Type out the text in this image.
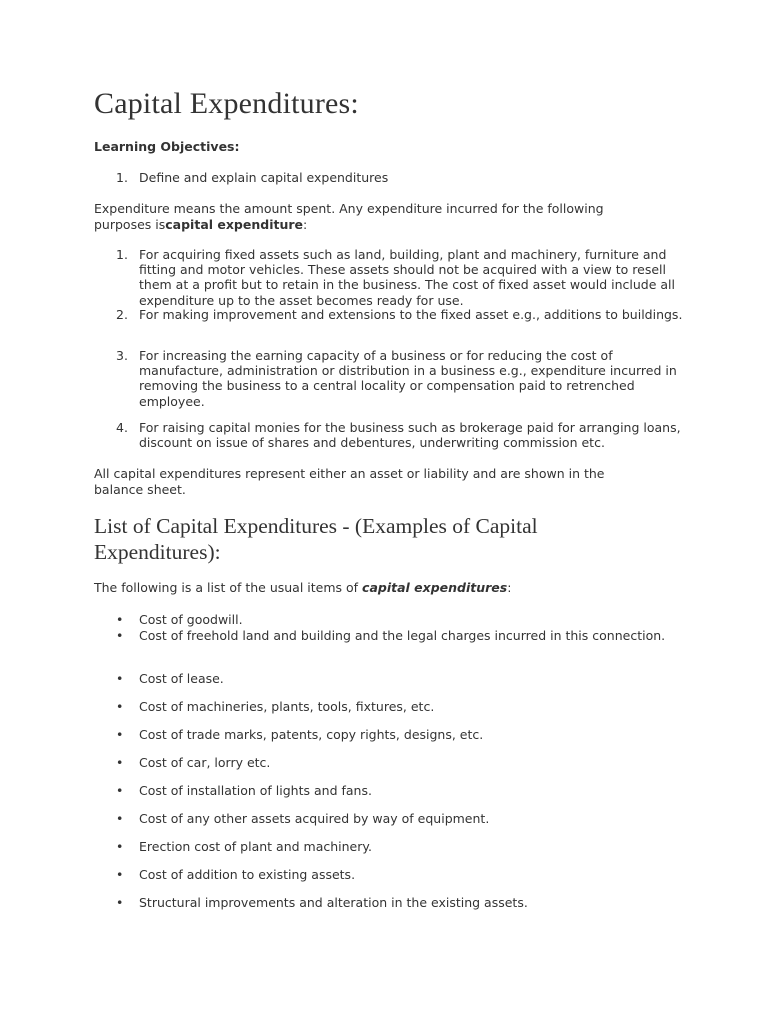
Capital Expenditures:
Learning Objectives:
1. Define and explain capital expenditures

Expenditure means the amount spent. Any expenditure incurred for the following purposes iscapital expenditure:

1. For acquiring fixed assets such as land, building, plant and machinery, furniture and fitting and motor vehicles. These assets should not be acquired with a view to resell them at a profit but to retain in the business. The cost of fixed asset would include all expenditure up to the asset becomes ready for use.
2. For making improvement and extensions to the fixed asset e.g., additions to buildings.
3. For increasing the earning capacity of a business or for reducing the cost of manufacture, administration or distribution in a business e.g., expenditure incurred in removing the business to a central locality or compensation paid to retrenched employee.
4. For raising capital monies for the business such as brokerage paid for arranging loans, discount on issue of shares and debentures, underwriting commission etc.

All capital expenditures represent either an asset or liability and are shown in the balance sheet.

List of Capital Expenditures - (Examples of Capital Expenditures):

The following is a list of the usual items of capital expenditures:

• Cost of goodwill.
• Cost of freehold land and building and the legal charges incurred in this connection.
• Cost of lease.
• Cost of machineries, plants, tools, fixtures, etc.
• Cost of trade marks, patents, copy rights, designs, etc.
• Cost of car, lorry etc.
• Cost of installation of lights and fans.
• Cost of any other assets acquired by way of equipment.
• Erection cost of plant and machinery.
• Cost of addition to existing assets.
• Structural improvements and alteration in the existing assets.
